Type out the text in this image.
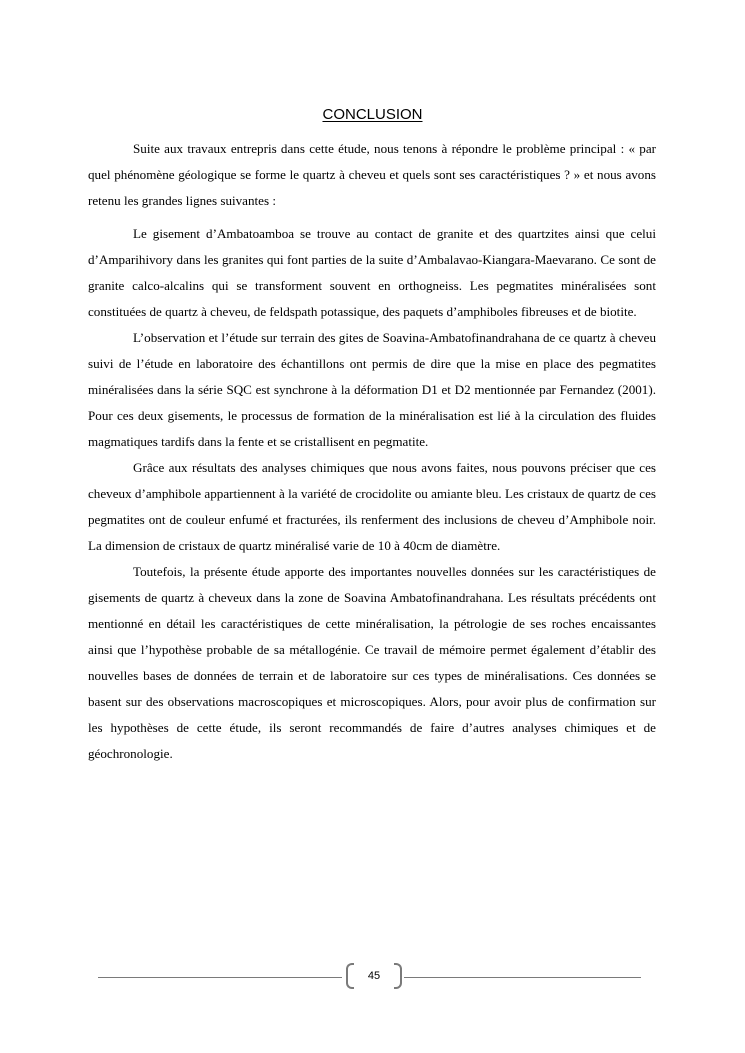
CONCLUSION

Suite aux travaux entrepris dans cette étude, nous tenons à répondre le problème principal : « par quel phénomène géologique se forme le quartz à cheveu et quels sont ses caractéristiques ? » et nous avons retenu les grandes lignes suivantes :

Le gisement d’Ambatoamboa se trouve au contact de granite et des quartzites ainsi que celui d’Amparihivory dans les granites qui font parties de la suite d’Ambalavao-Kiangara-Maevarano. Ce sont de granite calco-alcalins qui se transforment souvent en orthogneiss. Les pegmatites minéralisées sont constituées de quartz à cheveu, de feldspath potassique, des paquets d’amphiboles fibreuses et de biotite.

L’observation et l’étude sur terrain des gites de Soavina-Ambatofinandrahana de ce quartz à cheveu suivi de l’étude en laboratoire des échantillons ont permis de dire que la mise en place des pegmatites minéralisées dans la série SQC est synchrone à la déformation D1 et D2 mentionnée par Fernandez (2001). Pour ces deux gisements, le processus de formation de la minéralisation est lié à la circulation des fluides magmatiques tardifs dans la fente et se cristallisent en pegmatite.

Grâce aux résultats des analyses chimiques que nous avons faites, nous pouvons préciser que ces cheveux d’amphibole appartiennent à la variété de crocidolite ou amiante bleu. Les cristaux de quartz de ces pegmatites ont de couleur enfumé et fracturées, ils renferment des inclusions de cheveu d’Amphibole noir. La dimension de cristaux de quartz minéralisé varie de 10 à 40cm de diamètre.

Toutefois, la présente étude apporte des importantes nouvelles données sur les caractéristiques de gisements de quartz à cheveux dans la zone de Soavina Ambatofinandrahana. Les résultats précédents ont mentionné en détail les caractéristiques de cette minéralisation, la pétrologie de ses roches encaissantes ainsi que l’hypothèse probable de sa métallogénie. Ce travail de mémoire permet également d’établir des nouvelles bases de données de terrain et de laboratoire sur ces types de minéralisations. Ces données se basent sur des observations macroscopiques et microscopiques. Alors, pour avoir plus de confirmation sur les hypothèses de cette étude, ils seront recommandés de faire d’autres analyses chimiques et de géochronologie.

45
